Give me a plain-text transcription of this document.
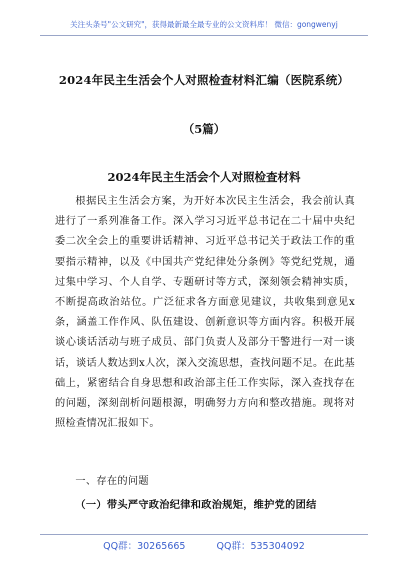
关注头条号"公文研究"，获得最新最全最专业的公文资料库！ 微信：gongwenyj
2024年民主生活会个人对照检查材料汇编（医院系统）
（5篇）
2024年民主生活会个人对照检查材料
根据民主生活会方案，为开好本次民主生活会，我会前认真进行了一系列准备工作。深入学习习近平总书记在二十届中央纪委二次全会上的重要讲话精神、习近平总书记关于政法工作的重要指示精神，以及《中国共产党纪律处分条例》等党纪党规，通过集中学习、个人自学、专题研讨等方式，深刻领会精神实质，不断提高政治站位。广泛征求各方面意见建议，共收集到意见x条，涵盖工作作风、队伍建设、创新意识等方面内容。积极开展谈心谈话活动与班子成员、部门负责人及部分干警进行一对一谈话，谈话人数达到x人次，深入交流思想，查找问题不足。在此基础上，紧密结合自身思想和政治部主任工作实际，深入查找存在的问题，深刻剖析问题根源，明确努力方向和整改措施。现将对照检查情况汇报如下。
一、存在的问题
（一）带头严守政治纪律和政治规矩，维护党的团结
QQ群：30265665	QQ群：535304092
